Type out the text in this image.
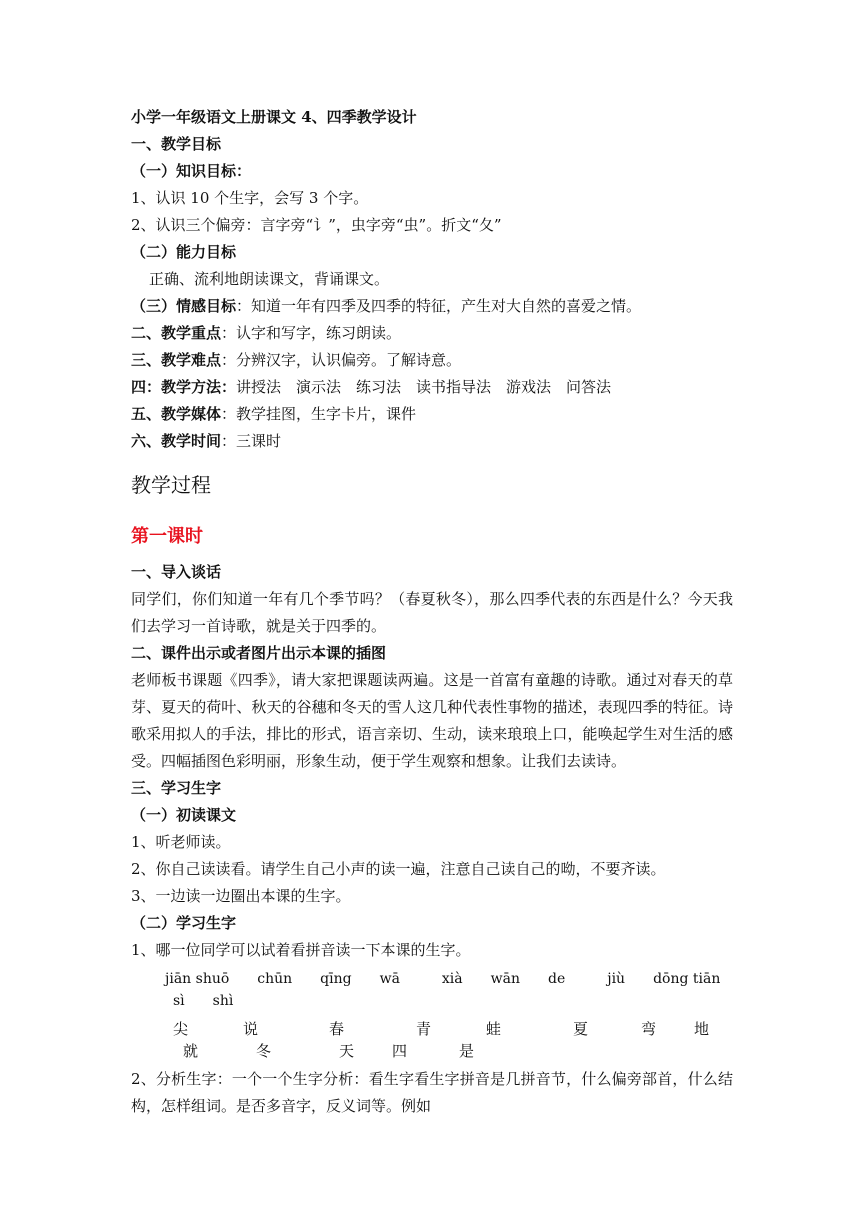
小学一年级语文上册课文 4、四季教学设计
一、教学目标
（一）知识目标：
1、认识 10 个生字，会写 3 个字。
2、认识三个偏旁：言字旁“讠”，虫字旁“虫”。折文“夂”
（二）能力目标
正确、流利地朗读课文，背诵课文。
（三）情感目标：知道一年有四季及四季的特征，产生对大自然的喜爱之情。
二、教学重点：认字和写字，练习朗读。
三、教学难点：分辨汉字，认识偏旁。了解诗意。
四：教学方法：讲授法　演示法　练习法　读书指导法　游戏法　问答法
五、教学媒体：教学挂图，生字卡片，课件
六、教学时间：三课时
教学过程
第一课时
一、导入谈话
同学们，你们知道一年有几个季节吗？（春夏秋冬），那么四季代表的东西是什么？今天我们去学习一首诗歌，就是关于四季的。
二、课件出示或者图片出示本课的插图
老师板书课题《四季》，请大家把课题读两遍。这是一首富有童趣的诗歌。通过对春天的草芽、夏天的荷叶、秋天的谷穗和冬天的雪人这几种代表性事物的描述，表现四季的特征。诗歌采用拟人的手法，排比的形式，语言亲切、生动，读来琅琅上口，能唤起学生对生活的感受。四幅插图色彩明丽，形象生动，便于学生观察和想象。让我们去读诗。
三、学习生字
（一）初读课文
1、听老师读。
2、你自己读读看。请学生自己小声的读一遍，注意自己读自己的呦，不要齐读。
3、一边读一边圈出本课的生字。
（二）学习生字
1、哪一位同学可以试着看拼音读一下本课的生字。
jiān shuō　　chūn　　qīng　　wā　　　xià　　wān　　de　　　jiù　　dōng tiān
sì　　shì
尖	说	春	青	蛙	夏	弯	地
就	冬	天	四	是
2、分析生字：一个一个生字分析：看生字看生字拼音是几拼音节，什么偏旁部首，什么结构，怎样组词。是否多音字，反义词等。例如
